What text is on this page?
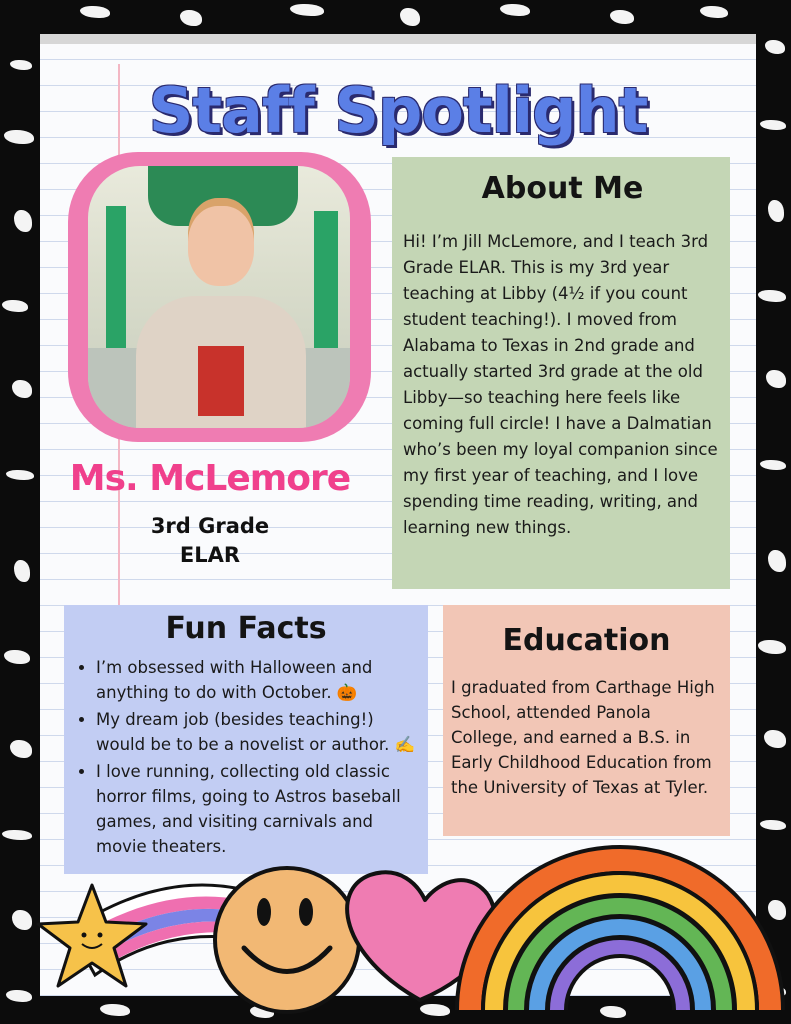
Staff Spotlight
Ms. McLemore
3rd Grade
ELAR
About Me

Hi! I’m Jill McLemore, and I teach 3rd Grade ELAR. This is my 3rd year teaching at Libby (4½ if you count student teaching!). I moved from Alabama to Texas in 2nd grade and actually started 3rd grade at the old Libby—so teaching here feels like coming full circle! I have a Dalmatian who’s been my loyal companion since my first year of teaching, and I love spending time reading, writing, and learning new things.

Fun Facts
• I’m obsessed with Halloween and anything to do with October. 🎃
• My dream job (besides teaching!) would be to be a novelist or author. ✍️
• I love running, collecting old classic horror films, going to Astros baseball games, and visiting carnivals and movie theaters.
Education

I graduated from Carthage High School, attended Panola College, and earned a B.S. in Early Childhood Education from the University of Texas at Tyler.
